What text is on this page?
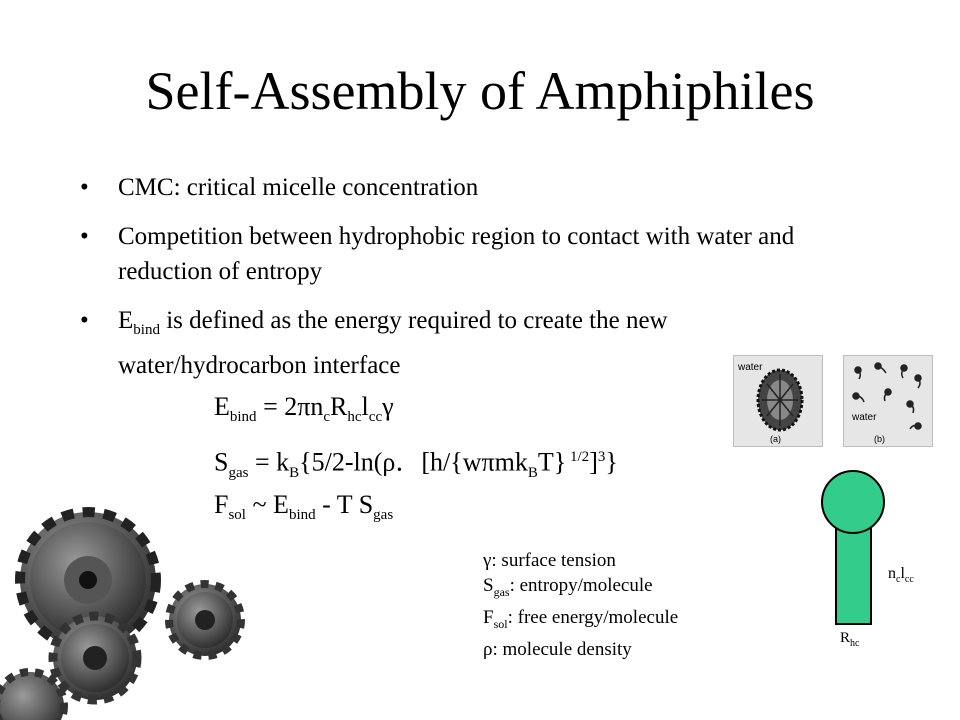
Self-Assembly of Amphiphiles
• CMC: critical micelle concentration
• Competition between hydrophobic region to contact with water and reduction of entropy
• $E_{bind}$ is defined as the energy required to create the new water/hydrocarbon interface
$E_{bind} = 2\pi n_cR_{hc}l_{cc}\gamma$
$S_{gas} = k_B\{5/2-\ln(\rho$．[h/{wπmk$_B$T} $^{1/2}$]$^3$}
$F_{sol}$ ~ $E_{bind}$ - T $S_{gas}$
γ: surface tension
$S_{gas}$: entropy/molecule
$F_{sol}$: free energy/molecule
ρ: molecule density
water
(a)
water
(b)
$n_cl_{cc}$
$R_{hc}$
